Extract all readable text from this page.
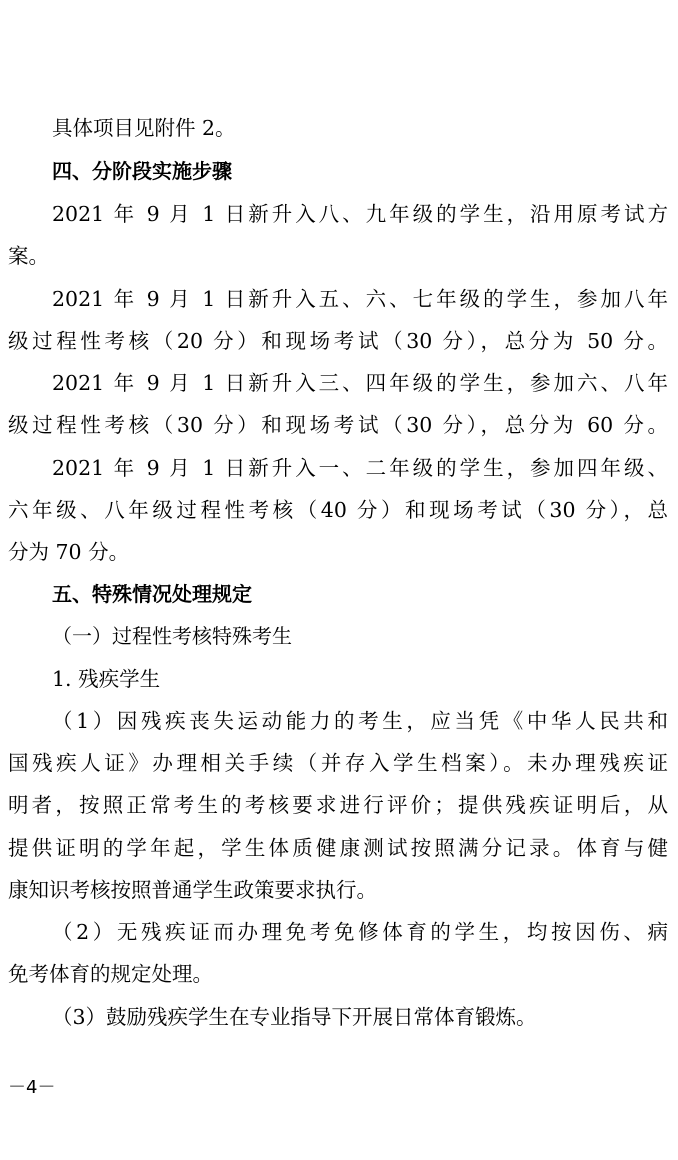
具体项目见附件 2。
四、分阶段实施步骤
2021 年 9 月 1 日新升入八、九年级的学生，沿用原考试方
案。
2021 年 9 月 1 日新升入五、六、七年级的学生，参加八年
级过程性考核（20 分）和现场考试（30 分），总分为 50 分。
2021 年 9 月 1 日新升入三、四年级的学生，参加六、八年
级过程性考核（30 分）和现场考试（30 分），总分为 60 分。
2021 年 9 月 1 日新升入一、二年级的学生，参加四年级、
六年级、八年级过程性考核（40 分）和现场考试（30 分），总
分为 70 分。
五、特殊情况处理规定
（一）过程性考核特殊考生
1. 残疾学生
（1）因残疾丧失运动能力的考生，应当凭《中华人民共和
国残疾人证》办理相关手续（并存入学生档案）。未办理残疾证
明者，按照正常考生的考核要求进行评价；提供残疾证明后，从
提供证明的学年起，学生体质健康测试按照满分记录。体育与健
康知识考核按照普通学生政策要求执行。
（2）无残疾证而办理免考免修体育的学生，均按因伤、病
免考体育的规定处理。
（3）鼓励残疾学生在专业指导下开展日常体育锻炼。
－4－
